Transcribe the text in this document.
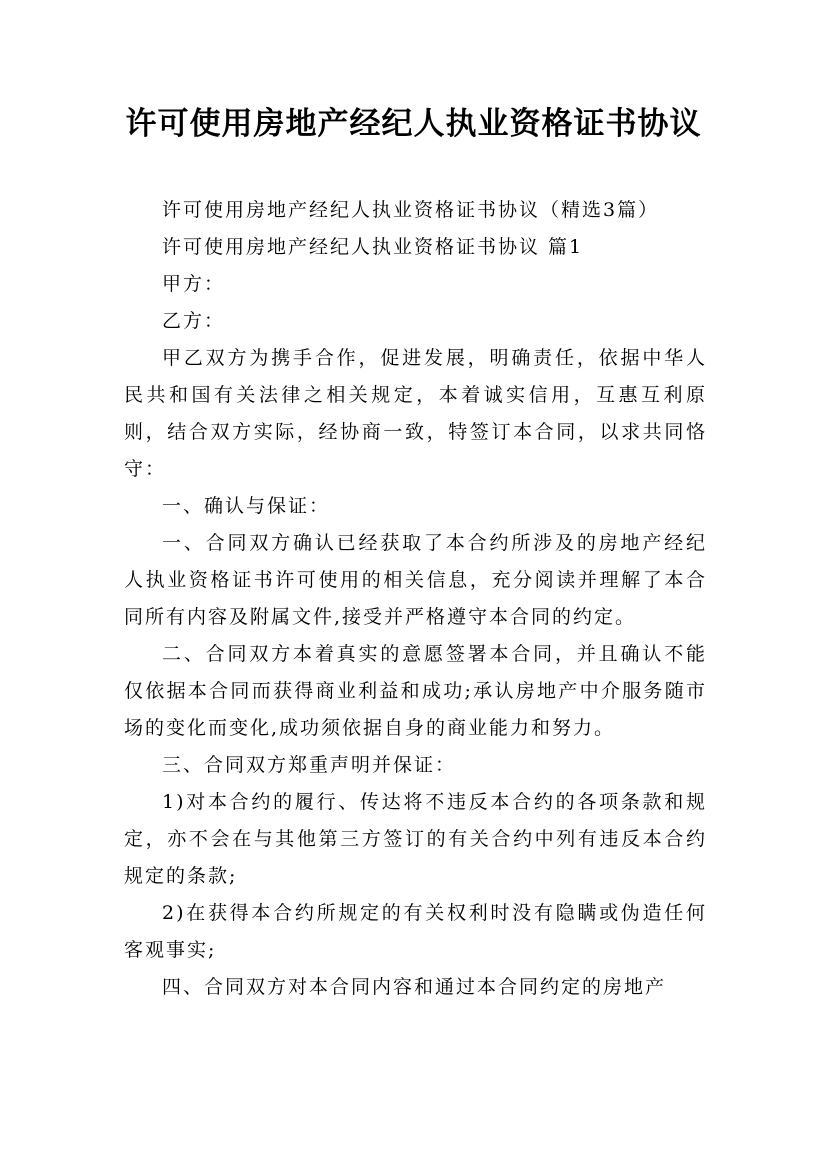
许可使用房地产经纪人执业资格证书协议

许可使用房地产经纪人执业资格证书协议（精选3篇）

许可使用房地产经纪人执业资格证书协议 篇1

甲方：

乙方：

甲乙双方为携手合作，促进发展，明确责任，依据中华人民共和国有关法律之相关规定，本着诚实信用，互惠互利原则，结合双方实际，经协商一致，特签订本合同，以求共同恪守：

一、确认与保证：

一、合同双方确认已经获取了本合约所涉及的房地产经纪人执业资格证书许可使用的相关信息，充分阅读并理解了本合同所有内容及附属文件,接受并严格遵守本合同的约定。

二、合同双方本着真实的意愿签署本合同，并且确认不能仅依据本合同而获得商业利益和成功;承认房地产中介服务随市场的变化而变化,成功须依据自身的商业能力和努力。

三、合同双方郑重声明并保证：

1)对本合约的履行、传达将不违反本合约的各项条款和规定，亦不会在与其他第三方签订的有关合约中列有违反本合约规定的条款;

2)在获得本合约所规定的有关权利时没有隐瞒或伪造任何客观事实;

四、合同双方对本合同内容和通过本合同约定的房地产
